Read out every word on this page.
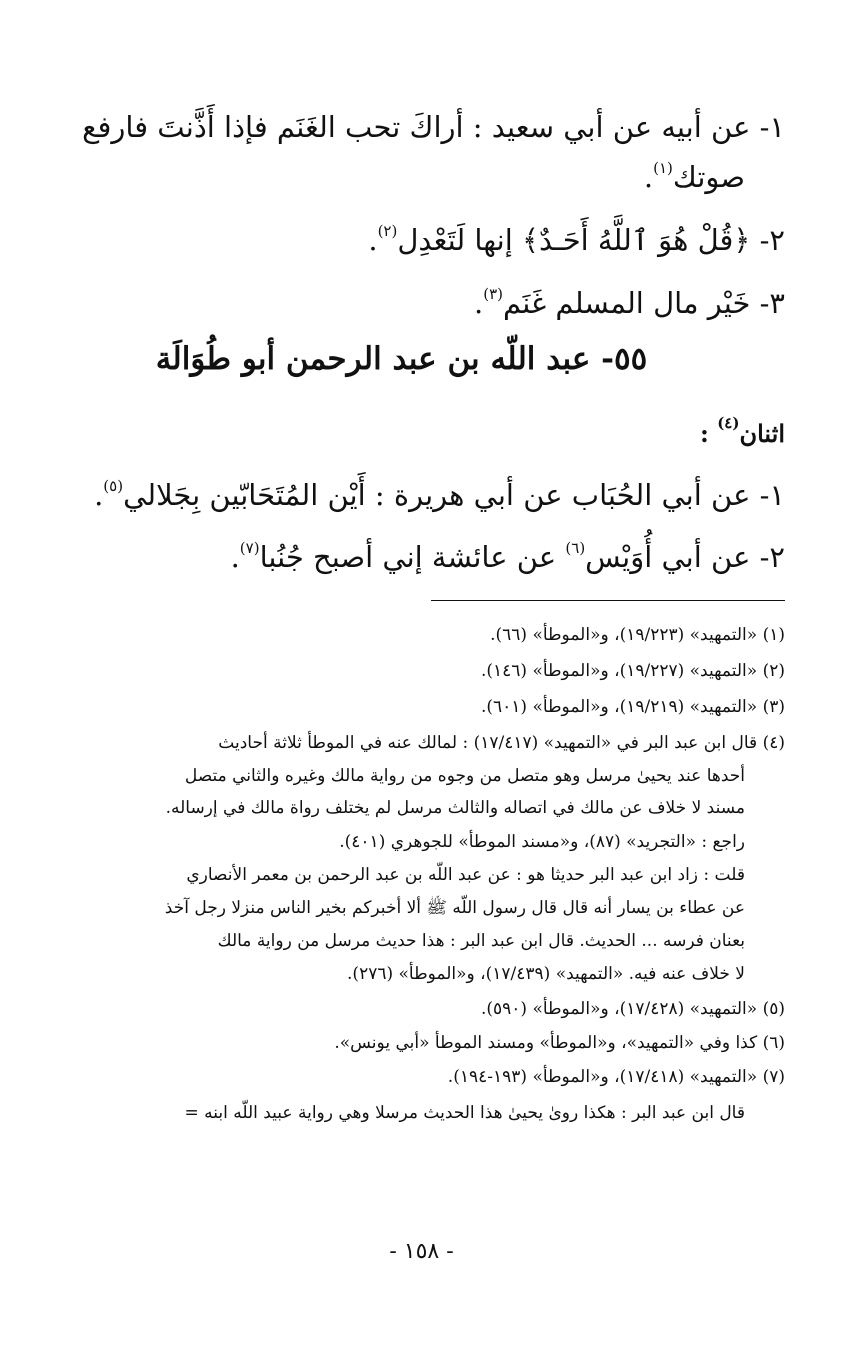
١- عن أبيه عن أبي سعيد : أراكَ تحب الغَنَم فإذا أَذَّنتَ فارفع
صوتك$^{(١)}$.
٢- ﴿قُلْ هُوَ ٱللَّهُ أَحَـدٌ﴾ إنها لَتَعْدِل$^{(٢)}$.
٣- خَيْر مال المسلم غَنَم$^{(٣)}$.
٥٥- عبد اللّه بن عبد الرحمن أبو طُوَالَة
اثنان$^{(٤)}$ :
١- عن أبي الحُبَاب عن أبي هريرة : أَيْن المُتَحَابّين بِجَلالي$^{(٥)}$.
٢- عن أبي أُوَيْس$^{(٦)}$ عن عائشة إني أصبح جُنُبا$^{(٧)}$.
(١) «التمهيد» (١٩/٢٢٣)، و«الموطأ» (٦٦).
(٢) «التمهيد» (١٩/٢٢٧)، و«الموطأ» (١٤٦).
(٣) «التمهيد» (١٩/٢١٩)، و«الموطأ» (٦٠١).
(٤) قال ابن عبد البر في «التمهيد» (١٧/٤١٧) : لمالك عنه في الموطأ ثلاثة أحاديث
أحدها عند يحيىٰ مرسل وهو متصل من وجوه من رواية مالك وغيره والثاني متصل
مسند لا خلاف عن مالك في اتصاله والثالث مرسل لم يختلف رواة مالك في إرساله.
راجع : «التجريد» (٨٧)، و«مسند الموطأ» للجوهري (٤٠١).
قلت : زاد ابن عبد البر حديثا هو : عن عبد اللّه بن عبد الرحمن بن معمر الأنصاري
عن عطاء بن يسار أنه قال قال رسول اللّه ﷺ ألا أخبركم بخير الناس منزلا رجل آخذ
بعنان فرسه ... الحديث. قال ابن عبد البر : هذا حديث مرسل من رواية مالك
لا خلاف عنه فيه. «التمهيد» (١٧/٤٣٩)، و«الموطأ» (٢٧٦).
(٥) «التمهيد» (١٧/٤٢٨)، و«الموطأ» (٥٩٠).
(٦) كذا وفي «التمهيد»، و«الموطأ» ومسند الموطأ «أبي يونس».
(٧) «التمهيد» (١٧/٤١٨)، و«الموطأ» (١٩٣-١٩٤).
قال ابن عبد البر : هكذا روىٰ يحيىٰ هذا الحديث مرسلا وهي رواية عبيد اللّه ابنه =
- ١٥٨ -
